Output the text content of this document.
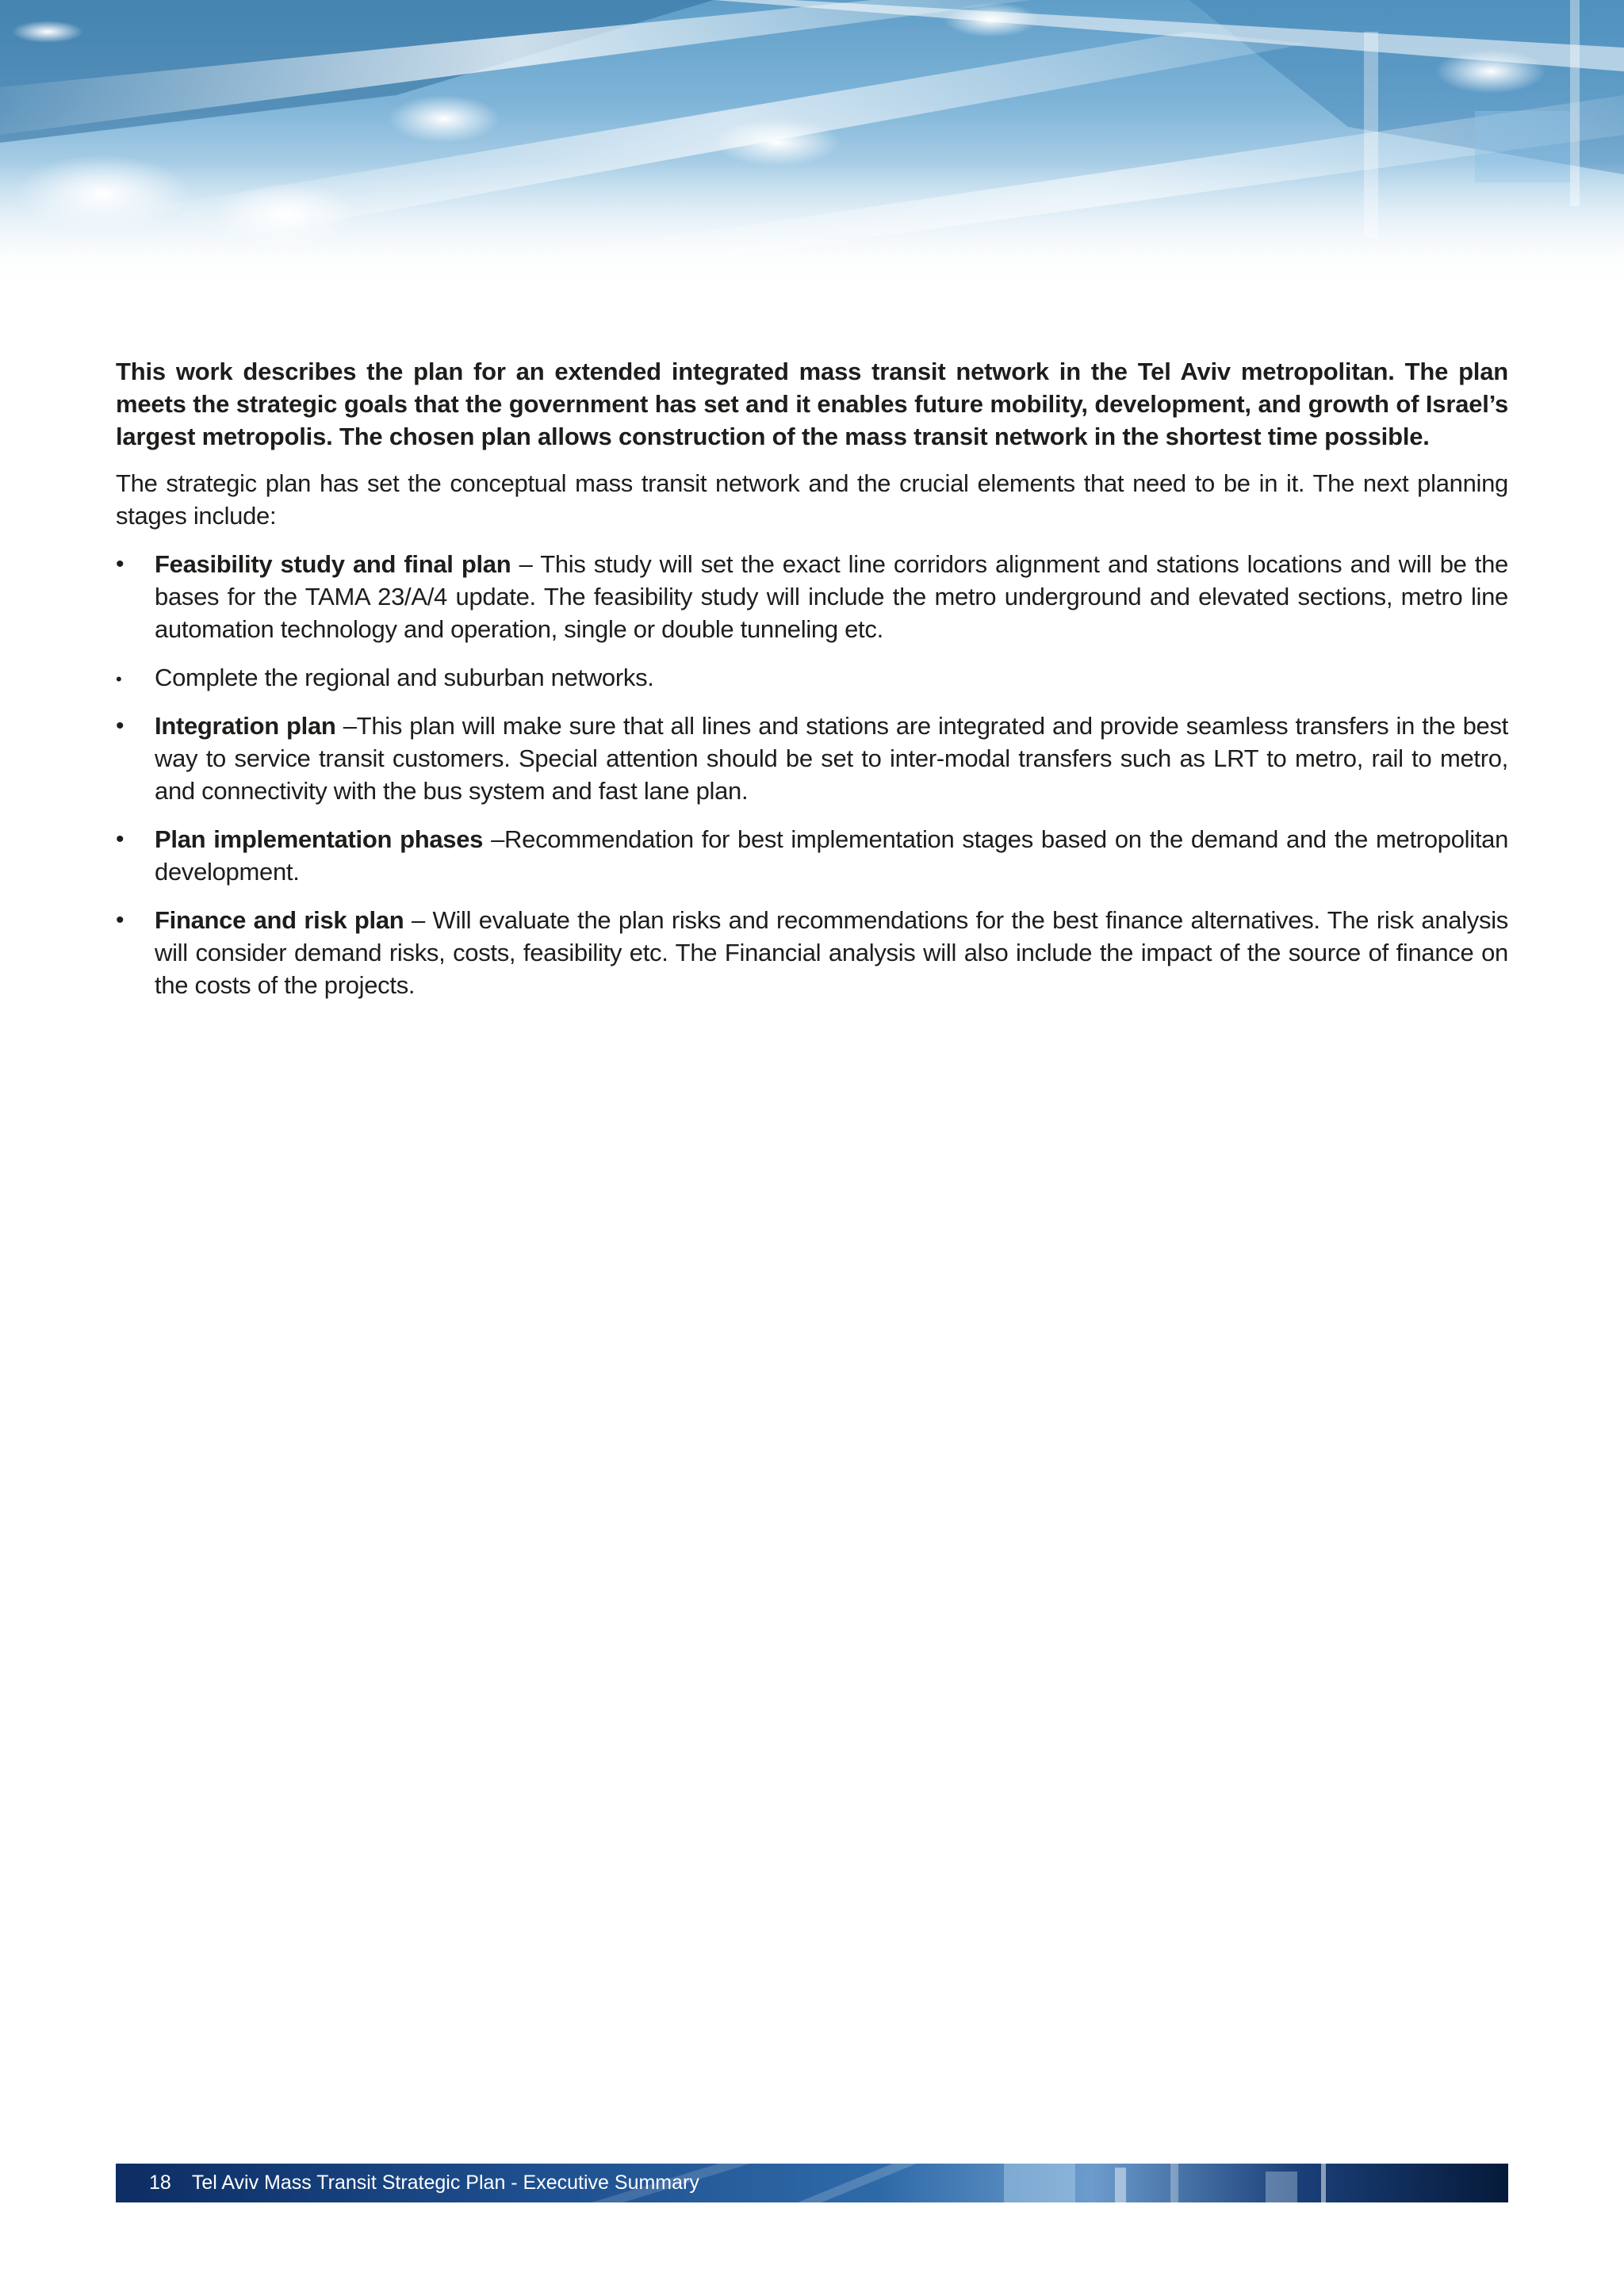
This work describes the plan for an extended integrated mass transit network in the Tel Aviv metropolitan. The plan meets the strategic goals that the government has set and it enables future mobility, development, and growth of Israel’s largest metropolis. The chosen plan allows construction of the mass transit network in the shortest time possible.

The strategic plan has set the conceptual mass transit network and the crucial elements that need to be in it. The next planning stages include:

•	Feasibility study and final plan – This study will set the exact line corridors alignment and stations locations and will be the bases for the TAMA 23/A/4 update. The feasibility study will include the metro underground and elevated sections, metro line automation technology and operation, single or double tunneling etc.
•	Complete the regional and suburban networks.
•	Integration plan –This plan will make sure that all lines and stations are integrated and provide seamless transfers in the best way to service transit customers. Special attention should be set to inter-modal transfers such as LRT to metro, rail to metro, and connectivity with the bus system and fast lane plan.
•	Plan implementation phases –Recommendation for best implementation stages based on the demand and the metropolitan development.
•	Finance and risk plan – Will evaluate the plan risks and recommendations for the best finance alternatives. The risk analysis will consider demand risks, costs, feasibility etc. The Financial analysis will also include the impact of the source of finance on the costs of the projects.
18 Tel Aviv Mass Transit Strategic Plan - Executive Summary
